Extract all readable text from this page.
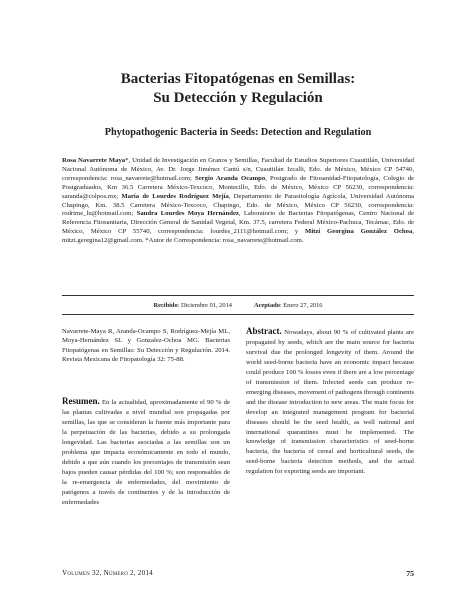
Bacterias Fitopatógenas en Semillas:
Su Detección y Regulación
Phytopathogenic Bacteria in Seeds: Detection and Regulation
Rosa Navarrete Maya*, Unidad de Investigación en Granos y Semillas, Facultad de Estudios Superiores Cuautitlán, Universidad Nacional Autónoma de México, Av. Dr. Jorge Jiménez Cantú s/n, Cuautitlán Izcalli, Edo. de México, México CP 54740, correspondencia: rosa_navarrete@hotmail.com; Sergio Aranda Ocampo, Postgrado de Fitosanidad-Fitopatología, Colegio de Postgraduados, Km 36.5 Carretera México-Texcoco, Montecillo, Edo. de México, México CP 56230, correspondencia: saranda@colpos.mx; María de Lourdes Rodríguez Mejía, Departamento de Parasitología Agrícola, Universidad Autónoma Chapingo, Km. 38.5 Carretera México-Texcoco, Chapingo, Edo. de México, México CP 56230, correspondencia: rodrime_lu@hotmail.com; Sandra Lourdes Moya Hernández, Laboratorio de Bacterias Fitopatógenas, Centro Nacional de Referencia Fitosanitaria, Dirección General de Sanidad Vegetal, Km. 37.5, carretera Federal México-Pachuca, Tecámac, Edo. de México, México CP 55740, correspondencia: lourdes_2111@hotmail.com; y Mitzi Georgina González Ochoa, mitzi.georgina12@gmail.com. *Autor de Correspondencia: rosa_navarrete@hotmail.com.
Recibido: Diciembre 01, 2014	Aceptado: Enero 27, 2016
Navarrete-Maya R, Aranda-Ocampo S, Rodríguez-Mejía ML, Moya-Hernández SL y Gonzalez-Ochoa MG. Bacterias Fitopatógenas en Semillas: Su Detección y Regulación. 2014. Revista Mexicana de Fitopatología 32: 75-88.
Resumen. En la actualidad, aproximadamente el 90 % de las plantas cultivadas a nivel mundial son propagadas por semillas, las que se consideran la fuente más importante para la perpetuación de las bacterias, debido a su prolongada longevidad. Las bacterias asociadas a las semillas son un problema que impacta económicamente en todo el mundo, debido a que aún cuando los porcentajes de transmisión sean bajos pueden causar pérdidas del 100 %; son responsables de la re-emergencia de enfermedades, del movimiento de patógenos a través de continentes y de la introducción de enfermedades
Abstract. Nowadays, about 90 % of cultivated plants are propagated by seeds, which are the main source for bacteria survival due the prolonged longevity of them. Around the world seed-borne bacteria have an economic impact because could produce 100 % losses even if there are a low percentage of transmission of them. Infected seeds can produce re-emerging diseases, movement of pathogens through continents and the disease introduction to new areas. The main focus for develop an integrated management program for bacterial diseases should be the seed health, as well national and international quarantines must be implemented. The knowledge of transmission characteristics of seed-borne bacteria, the bacteria of cereal and horticultural seeds, the seed-borne bacteria detection methods, and the actual regulation for exporting seeds are important.
Volumen 32, Número 2, 2014	75
